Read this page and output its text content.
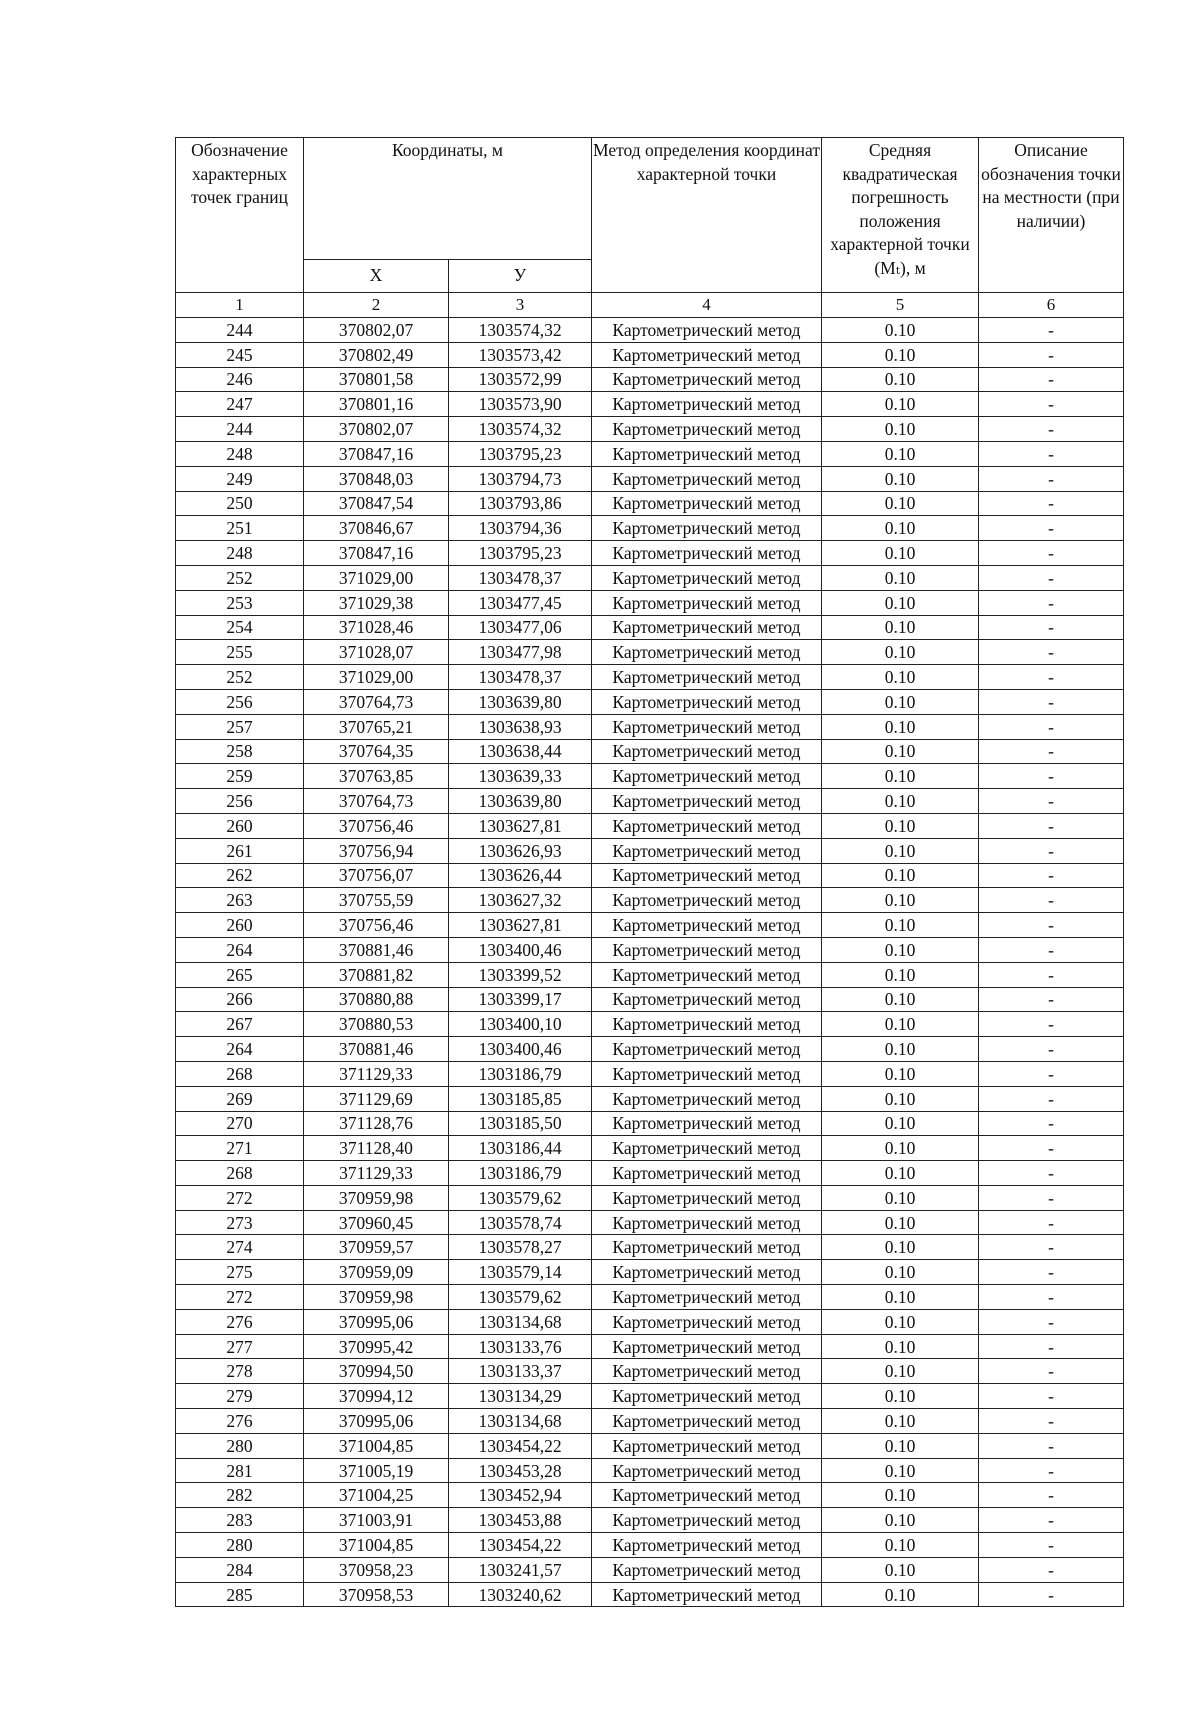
Обозначение характерных точек границ	Координаты, м		Метод определения координат характерной точки	Средняя квадратическая погрешность положения характерной точки (Mₜ), м	Описание обозначения точки на местности (при наличии)

	X	У			
1	2	3	4	5	6
244	370802,07	1303574,32	Картометрический метод	0.10	-
245	370802,49	1303573,42	Картометрический метод	0.10	-
246	370801,58	1303572,99	Картометрический метод	0.10	-
247	370801,16	1303573,90	Картометрический метод	0.10	-
244	370802,07	1303574,32	Картометрический метод	0.10	-
248	370847,16	1303795,23	Картометрический метод	0.10	-
249	370848,03	1303794,73	Картометрический метод	0.10	-
250	370847,54	1303793,86	Картометрический метод	0.10	-
251	370846,67	1303794,36	Картометрический метод	0.10	-
248	370847,16	1303795,23	Картометрический метод	0.10	-
252	371029,00	1303478,37	Картометрический метод	0.10	-
253	371029,38	1303477,45	Картометрический метод	0.10	-
254	371028,46	1303477,06	Картометрический метод	0.10	-
255	371028,07	1303477,98	Картометрический метод	0.10	-
252	371029,00	1303478,37	Картометрический метод	0.10	-
256	370764,73	1303639,80	Картометрический метод	0.10	-
257	370765,21	1303638,93	Картометрический метод	0.10	-
258	370764,35	1303638,44	Картометрический метод	0.10	-
259	370763,85	1303639,33	Картометрический метод	0.10	-
256	370764,73	1303639,80	Картометрический метод	0.10	-
260	370756,46	1303627,81	Картометрический метод	0.10	-
261	370756,94	1303626,93	Картометрический метод	0.10	-
262	370756,07	1303626,44	Картометрический метод	0.10	-
263	370755,59	1303627,32	Картометрический метод	0.10	-
260	370756,46	1303627,81	Картометрический метод	0.10	-
264	370881,46	1303400,46	Картометрический метод	0.10	-
265	370881,82	1303399,52	Картометрический метод	0.10	-
266	370880,88	1303399,17	Картометрический метод	0.10	-
267	370880,53	1303400,10	Картометрический метод	0.10	-
264	370881,46	1303400,46	Картометрический метод	0.10	-
268	371129,33	1303186,79	Картометрический метод	0.10	-
269	371129,69	1303185,85	Картометрический метод	0.10	-
270	371128,76	1303185,50	Картометрический метод	0.10	-
271	371128,40	1303186,44	Картометрический метод	0.10	-
268	371129,33	1303186,79	Картометрический метод	0.10	-
272	370959,98	1303579,62	Картометрический метод	0.10	-
273	370960,45	1303578,74	Картометрический метод	0.10	-
274	370959,57	1303578,27	Картометрический метод	0.10	-
275	370959,09	1303579,14	Картометрический метод	0.10	-
272	370959,98	1303579,62	Картометрический метод	0.10	-
276	370995,06	1303134,68	Картометрический метод	0.10	-
277	370995,42	1303133,76	Картометрический метод	0.10	-
278	370994,50	1303133,37	Картометрический метод	0.10	-
279	370994,12	1303134,29	Картометрический метод	0.10	-
276	370995,06	1303134,68	Картометрический метод	0.10	-
280	371004,85	1303454,22	Картометрический метод	0.10	-
281	371005,19	1303453,28	Картометрический метод	0.10	-
282	371004,25	1303452,94	Картометрический метод	0.10	-
283	371003,91	1303453,88	Картометрический метод	0.10	-
280	371004,85	1303454,22	Картометрический метод	0.10	-
284	370958,23	1303241,57	Картометрический метод	0.10	-
285	370958,53	1303240,62	Картометрический метод	0.10	-
